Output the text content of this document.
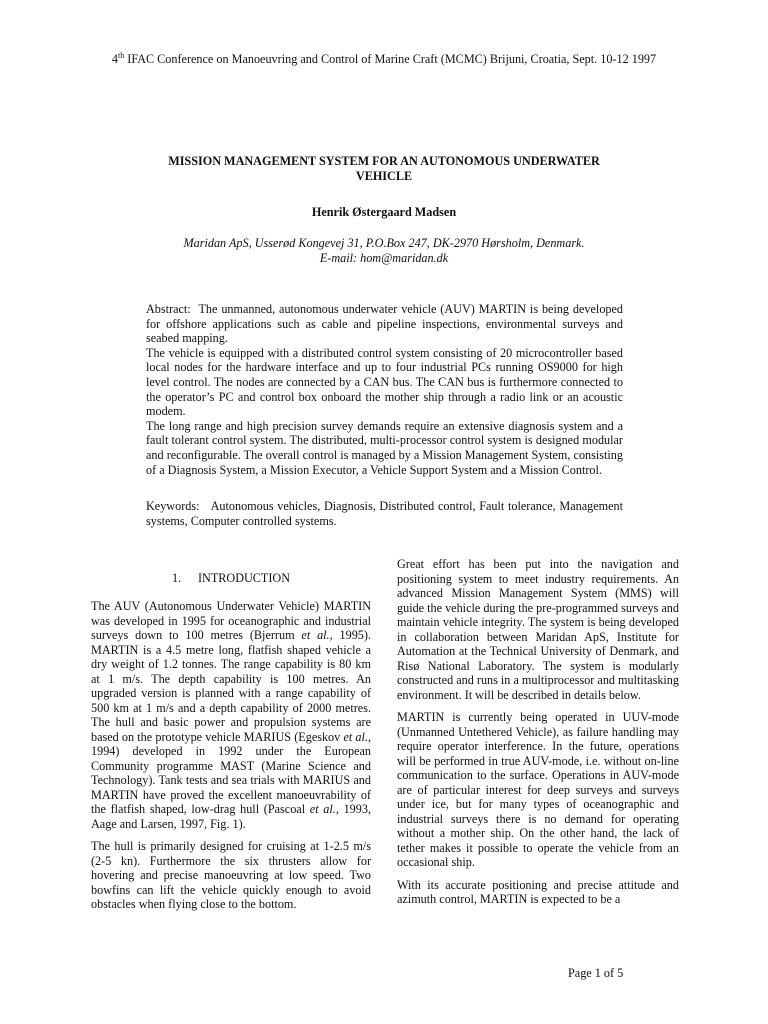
4th IFAC Conference on Manoeuvring and Control of Marine Craft (MCMC) Brijuni, Croatia, Sept. 10-12 1997
MISSION MANAGEMENT SYSTEM FOR AN AUTONOMOUS UNDERWATER VEHICLE
Henrik Østergaard Madsen
Maridan ApS, Usserød Kongevej 31, P.O.Box 247, DK-2970 Hørsholm, Denmark.
E-mail: hom@maridan.dk

Abstract: The unmanned, autonomous underwater vehicle (AUV) MARTIN is being developed for offshore applications such as cable and pipeline inspections, environmental surveys and seabed mapping.

The vehicle is equipped with a distributed control system consisting of 20 microcontroller based local nodes for the hardware interface and up to four industrial PCs running OS9000 for high level control. The nodes are connected by a CAN bus. The CAN bus is furthermore connected to the operator’s PC and control box onboard the mother ship through a radio link or an acoustic modem.

The long range and high precision survey demands require an extensive diagnosis system and a fault tolerant control system. The distributed, multi-processor control system is designed modular and reconfigurable. The overall control is managed by a Mission Management System, consisting of a Diagnosis System, a Mission Executor, a Vehicle Support System and a Mission Control.

Keywords: Autonomous vehicles, Diagnosis, Distributed control, Fault tolerance, Management systems, Computer controlled systems.
1. INTRODUCTION

The AUV (Autonomous Underwater Vehicle) MARTIN was developed in 1995 for oceanographic and industrial surveys down to 100 metres (Bjerrum et al., 1995). MARTIN is a 4.5 metre long, flatfish shaped vehicle a dry weight of 1.2 tonnes. The range capability is 80 km at 1 m/s. The depth capability is 100 metres. An upgraded version is planned with a range capability of 500 km at 1 m/s and a depth capability of 2000 metres. The hull and basic power and propulsion systems are based on the prototype vehicle MARIUS (Egeskov et al., 1994) developed in 1992 under the European Community programme MAST (Marine Science and Technology). Tank tests and sea trials with MARIUS and MARTIN have proved the excellent manoeuvrability of the flatfish shaped, low-drag hull (Pascoal et al., 1993, Aage and Larsen, 1997, Fig. 1).

The hull is primarily designed for cruising at 1-2.5 m/s (2-5 kn). Furthermore the six thrusters allow for hovering and precise manoeuvring at low speed. Two bowfins can lift the vehicle quickly enough to avoid obstacles when flying close to the bottom.

Great effort has been put into the navigation and positioning system to meet industry requirements. An advanced Mission Management System (MMS) will guide the vehicle during the pre-programmed surveys and maintain vehicle integrity. The system is being developed in collaboration between Maridan ApS, Institute for Automation at the Technical University of Denmark, and Risø National Laboratory. The system is modularly constructed and runs in a multiprocessor and multitasking environment. It will be described in details below.

MARTIN is currently being operated in UUV-mode (Unmanned Untethered Vehicle), as failure handling may require operator interference. In the future, operations will be performed in true AUV-mode, i.e. without on-line communication to the surface. Operations in AUV-mode are of particular interest for deep surveys and surveys under ice, but for many types of oceanographic and industrial surveys there is no demand for operating without a mother ship. On the other hand, the lack of tether makes it possible to operate the vehicle from an occasional ship.

With its accurate positioning and precise attitude and azimuth control, MARTIN is expected to be a

Page 1 of 5
